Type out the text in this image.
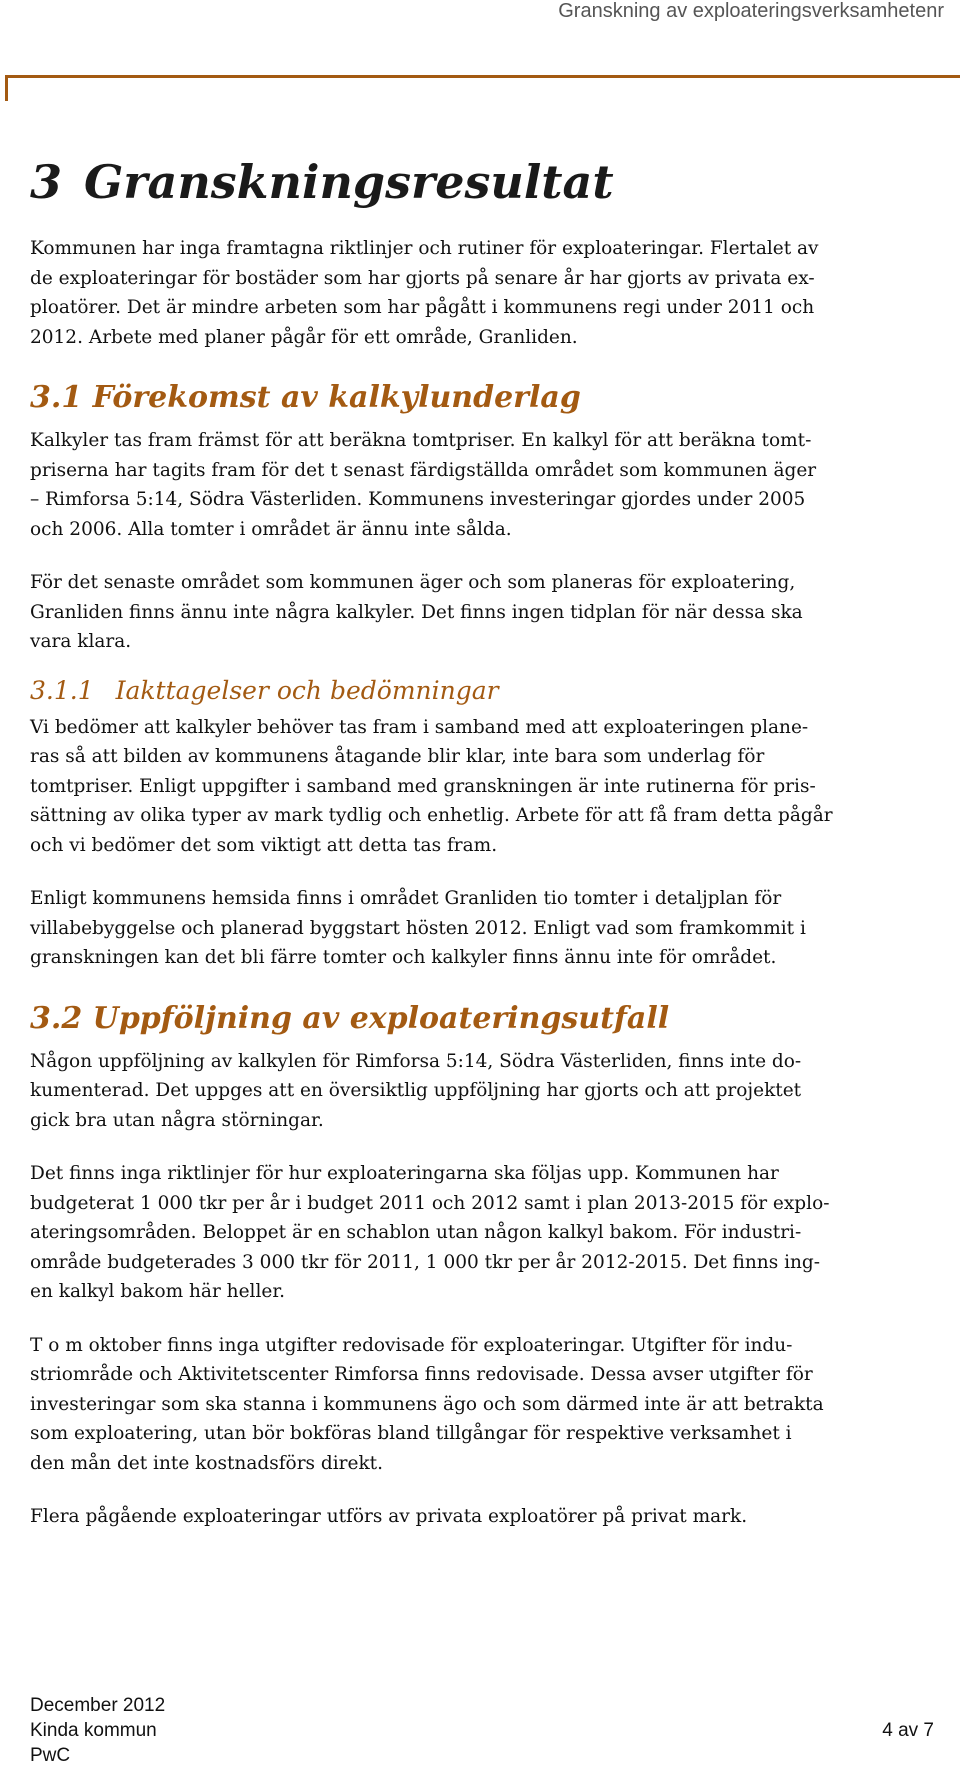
Granskning av exploateringsverksamhetenr
3 Granskningsresultat
Kommunen har inga framtagna riktlinjer och rutiner för exploateringar. Flertalet av
de exploateringar för bostäder som har gjorts på senare år har gjorts av privata ex-
ploatörer. Det är mindre arbeten som har pågått i kommunens regi under 2011 och
2012. Arbete med planer pågår för ett område, Granliden.
3.1 Förekomst av kalkylunderlag
Kalkyler tas fram främst för att beräkna tomtpriser. En kalkyl för att beräkna tomt-
priserna har tagits fram för det t senast färdigställda området som kommunen äger
– Rimforsa 5:14, Södra Västerliden. Kommunens investeringar gjordes under 2005
och 2006. Alla tomter i området är ännu inte sålda.
För det senaste området som kommunen äger och som planeras för exploatering,
Granliden finns ännu inte några kalkyler. Det finns ingen tidplan för när dessa ska
vara klara.
3.1.1 Iakttagelser och bedömningar
Vi bedömer att kalkyler behöver tas fram i samband med att exploateringen plane-
ras så att bilden av kommunens åtagande blir klar, inte bara som underlag för
tomtpriser. Enligt uppgifter i samband med granskningen är inte rutinerna för pris-
sättning av olika typer av mark tydlig och enhetlig. Arbete för att få fram detta pågår
och vi bedömer det som viktigt att detta tas fram.
Enligt kommunens hemsida finns i området Granliden tio tomter i detaljplan för
villabebyggelse och planerad byggstart hösten 2012. Enligt vad som framkommit i
granskningen kan det bli färre tomter och kalkyler finns ännu inte för området.
3.2 Uppföljning av exploateringsutfall
Någon uppföljning av kalkylen för Rimforsa 5:14, Södra Västerliden, finns inte do-
kumenterad. Det uppges att en översiktlig uppföljning har gjorts och att projektet
gick bra utan några störningar.
Det finns inga riktlinjer för hur exploateringarna ska följas upp. Kommunen har
budgeterat 1 000 tkr per år i budget 2011 och 2012 samt i plan 2013-2015 för explo-
ateringsområden. Beloppet är en schablon utan någon kalkyl bakom. För industri-
område budgeterades 3 000 tkr för 2011, 1 000 tkr per år 2012-2015. Det finns ing-
en kalkyl bakom här heller.
T o m oktober finns inga utgifter redovisade för exploateringar. Utgifter för indu-
striområde och Aktivitetscenter Rimforsa finns redovisade. Dessa avser utgifter för
investeringar som ska stanna i kommunens ägo och som därmed inte är att betrakta
som exploatering, utan bör bokföras bland tillgångar för respektive verksamhet i
den mån det inte kostnadsförs direkt.
Flera pågående exploateringar utförs av privata exploatörer på privat mark.
December 2012
Kinda kommun
PwC
4 av 7
